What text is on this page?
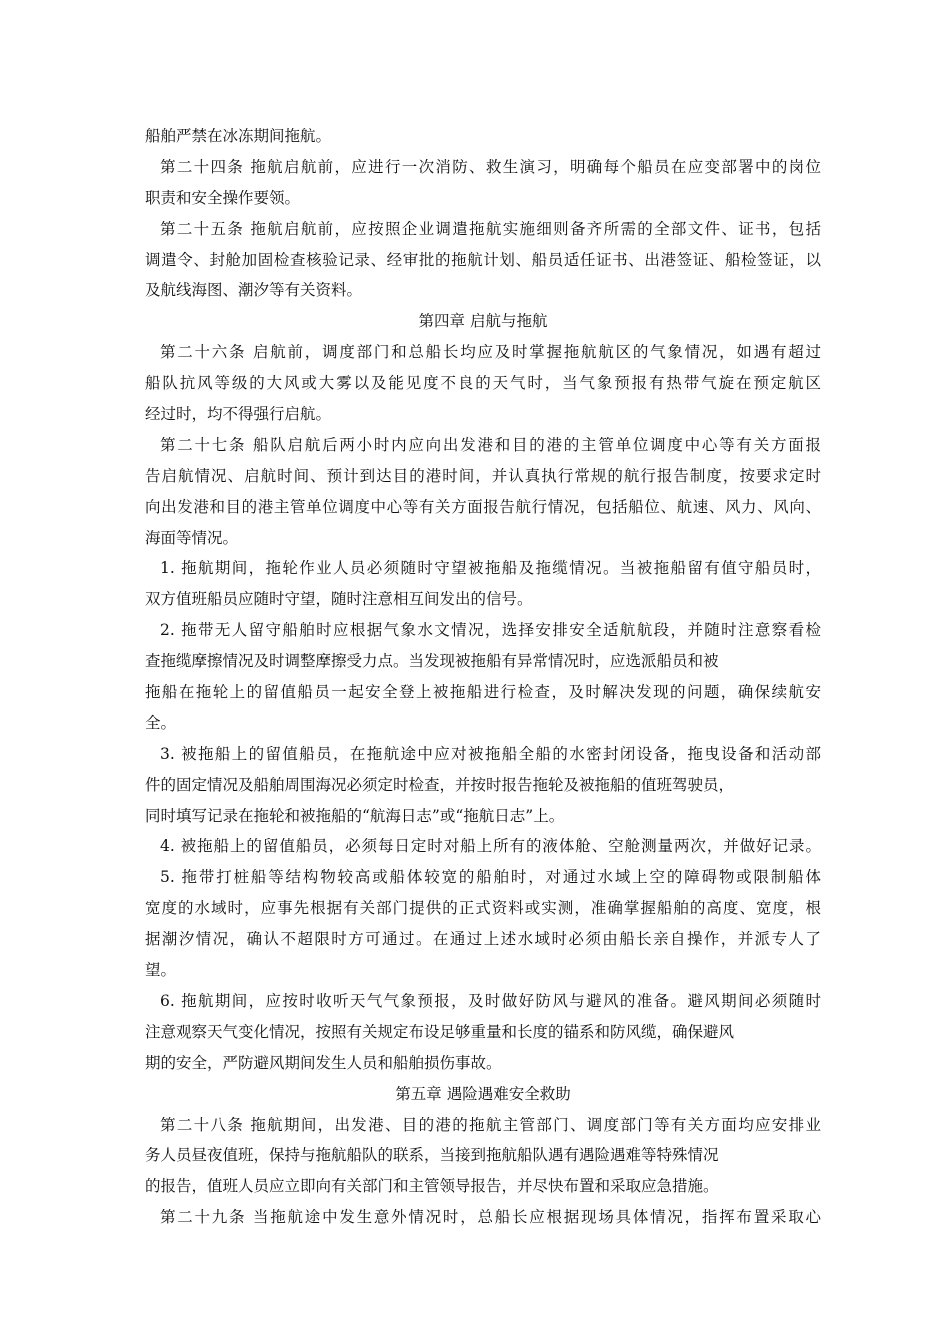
船舶严禁在冰冻期间拖航。
第二十四条 拖航启航前，应进行一次消防、救生演习，明确每个船员在应变部署中的岗位
职责和安全操作要领。
第二十五条 拖航启航前，应按照企业调遣拖航实施细则备齐所需的全部文件、证书，包括
调遣令、封舱加固检查核验记录、经审批的拖航计划、船员适任证书、出港签证、船检签证，以
及航线海图、潮汐等有关资料。
第四章 启航与拖航
第二十六条 启航前，调度部门和总船长均应及时掌握拖航航区的气象情况，如遇有超过
船队抗风等级的大风或大雾以及能见度不良的天气时，当气象预报有热带气旋在预定航区
经过时，均不得强行启航。
第二十七条 船队启航后两小时内应向出发港和目的港的主管单位调度中心等有关方面报
告启航情况、启航时间、预计到达目的港时间，并认真执行常规的航行报告制度，按要求定时
向出发港和目的港主管单位调度中心等有关方面报告航行情况，包括船位、航速、风力、风向、
海面等情况。
1. 拖航期间，拖轮作业人员必须随时守望被拖船及拖缆情况。当被拖船留有值守船员时，
双方值班船员应随时守望，随时注意相互间发出的信号。
2. 拖带无人留守船舶时应根据气象水文情况，选择安排安全适航航段，并随时注意察看检
查拖缆摩擦情况及时调整摩擦受力点。当发现被拖船有异常情况时，应选派船员和被
拖船在拖轮上的留值船员一起安全登上被拖船进行检查，及时解决发现的问题，确保续航安
全。
3. 被拖船上的留值船员，在拖航途中应对被拖船全船的水密封闭设备，拖曳设备和活动部
件的固定情况及船舶周围海况必须定时检查，并按时报告拖轮及被拖船的值班驾驶员，
同时填写记录在拖轮和被拖船的“航海日志”或“拖航日志”上。
4. 被拖船上的留值船员，必须每日定时对船上所有的液体舱、空舱测量两次，并做好记录。
5. 拖带打桩船等结构物较高或船体较宽的船舶时，对通过水域上空的障碍物或限制船体
宽度的水域时，应事先根据有关部门提供的正式资料或实测，准确掌握船舶的高度、宽度，根
据潮汐情况，确认不超限时方可通过。在通过上述水域时必须由船长亲自操作，并派专人了
望。
6. 拖航期间，应按时收听天气气象预报，及时做好防风与避风的准备。避风期间必须随时
注意观察天气变化情况，按照有关规定布设足够重量和长度的锚系和防风缆，确保避风
期的安全，严防避风期间发生人员和船舶损伤事故。
第五章 遇险遇难安全救助
第二十八条 拖航期间，出发港、目的港的拖航主管部门、调度部门等有关方面均应安排业
务人员昼夜值班，保持与拖航船队的联系，当接到拖航船队遇有遇险遇难等特殊情况
的报告，值班人员应立即向有关部门和主管领导报告，并尽快布置和采取应急措施。
第二十九条 当拖航途中发生意外情况时，总船长应根据现场具体情况，指挥布置采取心
